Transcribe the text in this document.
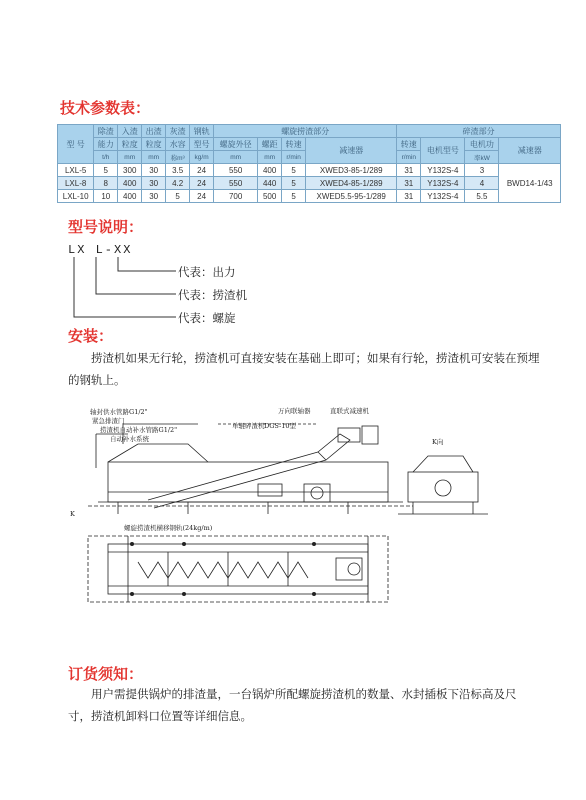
技术参数表：
型 号	除渣	入渣	出渣	灰渣	钢轨	螺旋捞渣部分				碎渣部分			
	能力	粒度	粒度	水容	型号	螺旋外径	螺距	转速	减速器	转速	电机型号	电机功	减速器
	t/h	mm	mm	称m³	kg/m	mm	mm	r/min		r/min		率kW	
LXL-5	5	300	30	3.5	24	550	400	5	XWED3-85-1/289	31	Y132S-4	3	BWD14-1/43
LXL-8	8	400	30	4.2	24	550	440	5	XWED4-85-1/289	31	Y132S-4	4	
LXL-10	10	400	30	5	24	700	500	5	XWED5.5-95-1/289	31	Y132S-4	5.5	
型号说明：
LX L-XX
代表：出力
代表：捞渣机
代表：螺旋
安装：
捞渣机如果无行轮，捞渣机可直接安装在基础上即可；如果有行轮，捞渣机可安装在预埋的钢轨上。
轴封供水管路G1/2"
紧急排渣门
捞渣机自动补水管路G1/2"
自动补水系统
单辊碎渣机 DGS-10型
万向联轴器	直联式减速机
K向
K
螺旋捞渣机横移钢轨(24kg/m)
订货须知：
用户需提供锅炉的排渣量，一台锅炉所配螺旋捞渣机的数量、水封插板下沿标高及尺寸，捞渣机卸料口位置等详细信息。
